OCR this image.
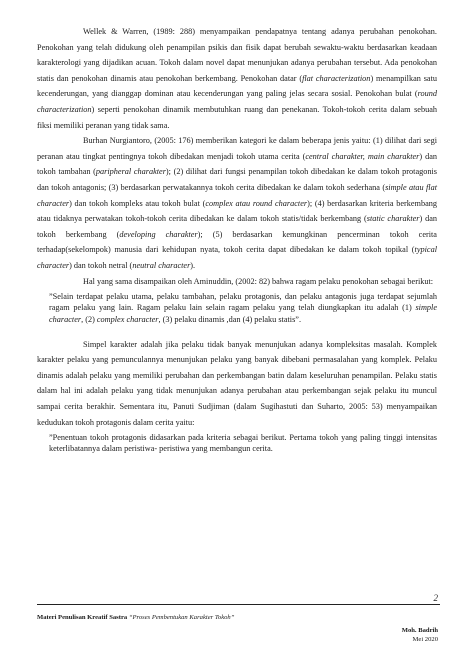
Wellek & Warren, (1989: 288) menyampaikan pendapatnya tentang adanya perubahan penokohan. Penokohan yang telah didukung oleh penampilan psikis dan fisik dapat berubah sewaktu-waktu berdasarkan keadaan karakterologi yang dijadikan acuan. Tokoh dalam novel dapat menunjukan adanya perubahan tersebut. Ada penokohan statis dan penokohan dinamis atau penokohan berkembang. Penokohan datar (flat characterization) menampilkan satu kecenderungan, yang dianggap dominan atau kecenderungan yang paling jelas secara sosial. Penokohan bulat (round characterization) seperti penokohan dinamik membutuhkan ruang dan penekanan. Tokoh-tokoh cerita dalam sebuah fiksi memiliki peranan yang tidak sama.

Burhan Nurgiantoro, (2005: 176) memberikan kategori ke dalam beberapa jenis yaitu: (1) dilihat dari segi peranan atau tingkat pentingnya tokoh dibedakan menjadi tokoh utama cerita (central charakter, main charakter) dan tokoh tambahan (paripheral charakter); (2) dilihat dari fungsi penampilan tokoh dibedakan ke dalam tokoh protagonis dan tokoh antagonis; (3) berdasarkan perwatakannya tokoh cerita dibedakan ke dalam tokoh sederhana (simple atau flat character) dan tokoh kompleks atau tokoh bulat (complex atau round character); (4) berdasarkan kriteria berkembang atau tidaknya perwatakan tokoh-tokoh cerita dibedakan ke dalam tokoh statis/tidak berkembang (static charakter) dan tokoh berkembang (developing charakter); (5) berdasarkan kemungkinan pencerminan tokoh cerita terhadap(sekelompok) manusia dari kehidupan nyata, tokoh cerita dapat dibedakan ke dalam tokoh topikal (typical character) dan tokoh netral (neutral character).

Hal yang sama disampaikan oleh Aminuddin, (2002: 82) bahwa ragam pelaku penokohan sebagai berikut:

”Selain terdapat pelaku utama, pelaku tambahan, pelaku protagonis, dan pelaku antagonis juga terdapat sejumlah ragam pelaku yang lain. Ragam pelaku lain selain ragam pelaku yang telah diungkapkan itu adalah (1) simple character, (2) complex character, (3) pelaku dinamis ,dan (4) pelaku statis”.

Simpel karakter adalah jika pelaku tidak banyak menunjukan adanya kompleksitas masalah. Komplek karakter pelaku yang pemunculannya menunjukan pelaku yang banyak dibebani permasalahan yang komplek. Pelaku dinamis adalah pelaku yang memiliki perubahan dan perkembangan batin dalam keseluruhan penampilan. Pelaku statis dalam hal ini adalah pelaku yang tidak menunjukan adanya perubahan atau perkembangan sejak pelaku itu muncul sampai cerita berakhir. Sementara itu, Panuti Sudjiman (dalam Sugihastuti dan Suharto, 2005: 53) menyampaikan kedudukan tokoh protagonis dalam cerita yaitu:

”Penentuan tokoh protagonis didasarkan pada kriteria sebagai berikut. Pertama tokoh yang paling tinggi intensitas keterlibatannya dalam peristiwa- peristiwa yang membangun cerita.

2
Materi Penulisan Kreatif Sastra “Proses Pembentukan Karakter Tokoh”
Moh. Badrih
Mei 2020
